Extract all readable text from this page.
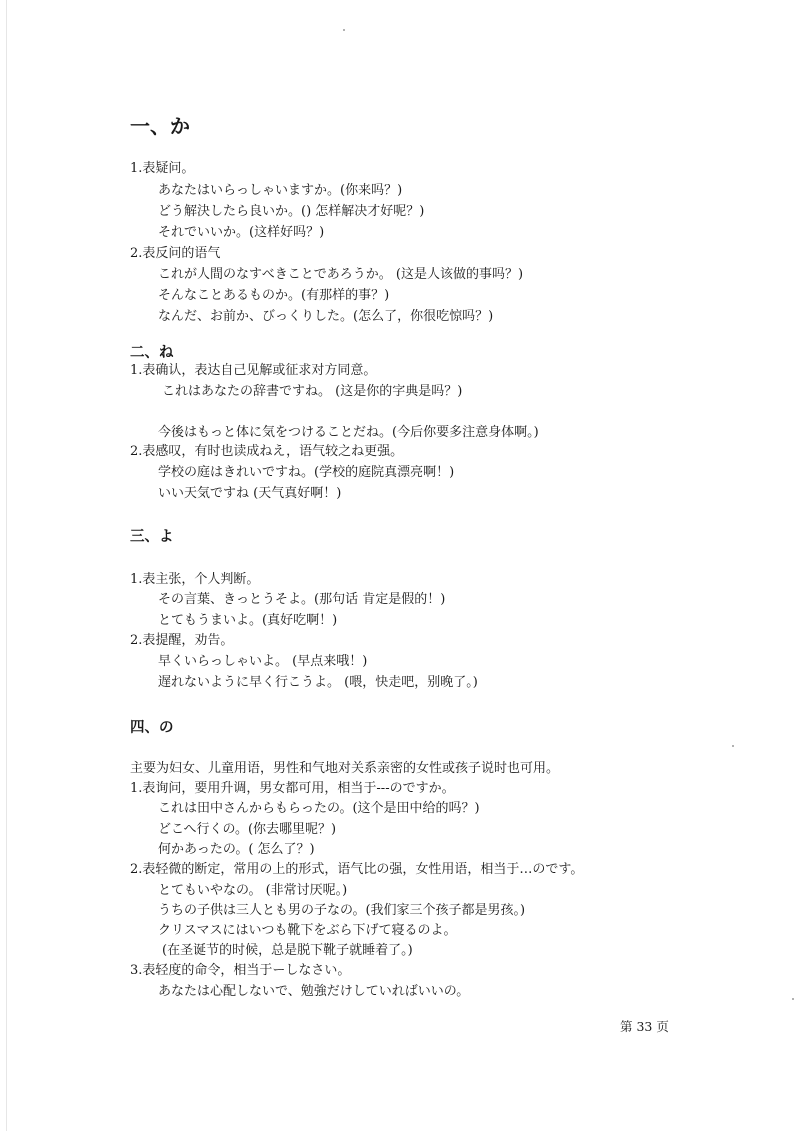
一、か
1.表疑问。
あなたはいらっしゃいますか。(你来吗？)
どう解決したら良いか。() 怎样解决才好呢？)
それでいいか。(这样好吗？)
2.表反问的语气
これが人間のなすべきことであろうか。 (这是人该做的事吗？)
そんなことあるものか。(有那样的事？)
なんだ、お前か、びっくりした。(怎么了，你很吃惊吗？)
二、ね
1.表确认，表达自己见解或征求对方同意。
これはあなたの辞書ですね。 (这是你的字典是吗？)
今後はもっと体に気をつけることだね。(今后你要多注意身体啊。)
2.表感叹，有时也读成ねえ，语气较之ね更强。
学校の庭はきれいですね。(学校的庭院真漂亮啊！)
いい天気ですね (天气真好啊！)
三、よ
1.表主张，个人判断。
その言葉、きっとうそよ。(那句话 肯定是假的！)
とてもうまいよ。(真好吃啊！)
2.表提醒，劝告。
早くいらっしゃいよ。 (早点来哦！)
遅れないように早く行こうよ。 (喂，快走吧，别晚了。)
四、の
主要为妇女、儿童用语，男性和气地对关系亲密的女性或孩子说时也可用。
1.表询问，要用升调，男女都可用，相当于---のですか。
これは田中さんからもらったの。(这个是田中给的吗？)
どこへ行くの。(你去哪里呢？)
何かあったの。( 怎么了？)
2.表轻微的断定，常用の上的形式，语气比の强，女性用语，相当于…のです。
とてもいやなの。 (非常讨厌呢。)
うちの子供は三人とも男の子なの。(我们家三个孩子都是男孩。)
クリスマスにはいつも靴下をぶら下げて寝るのよ。
(在圣诞节的时候，总是脱下靴子就睡着了。)
3.表轻度的命令，相当于ーしなさい。
あなたは心配しないで、勉強だけしていればいいの。
第 33 页
